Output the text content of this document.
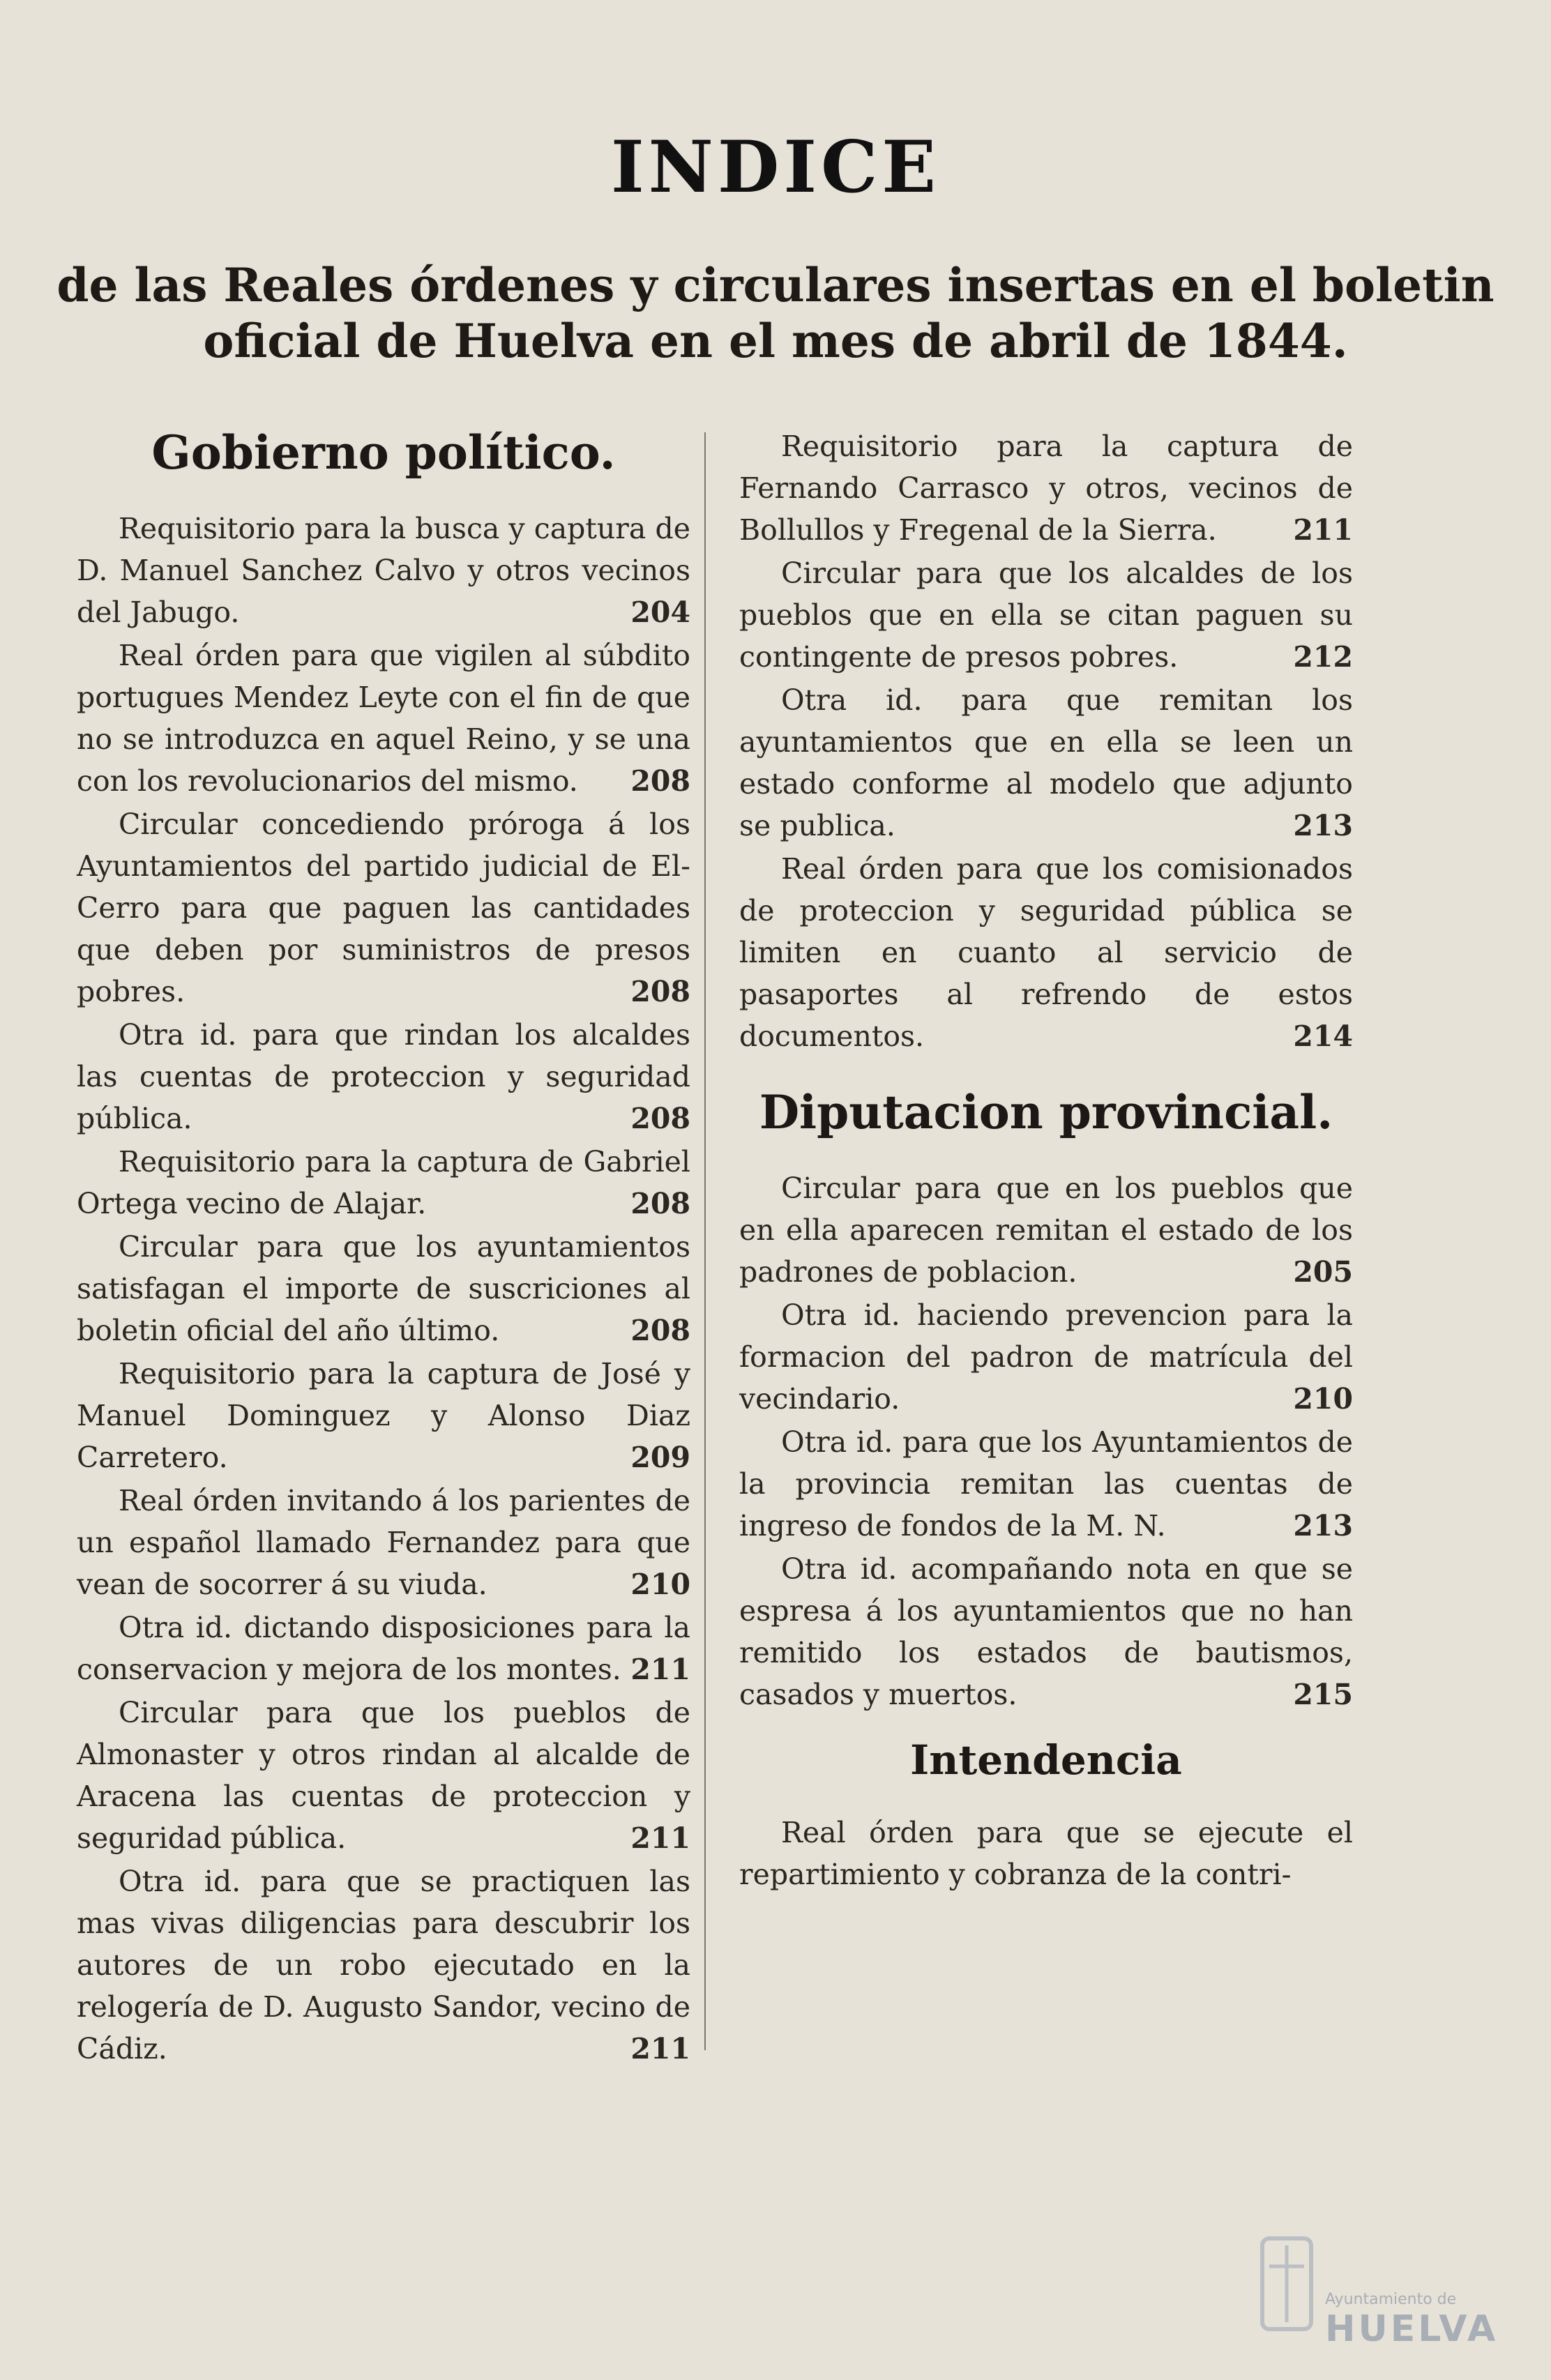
INDICE
de las Reales órdenes y circulares insertas en el boletin
oficial de Huelva en el mes de abril de 1844.
Gobierno político.
Requisitorio para la busca y captura de D. Manuel Sanchez Calvo y otros vecinos del Jabugo.	204
Real órden para que vigilen al súbdito portugues Mendez Leyte con el fin de que no se introduzca en aquel Reino, y se una con los revolucionarios del mismo. 208
Circular concediendo próroga á los Ayuntamientos del partido judicial de El-Cerro para que paguen las cantidades que deben por suministros de presos pobres.	208
Otra id. para que rindan los alcaldes las cuentas de proteccion y seguridad pública.	208
Requisitorio para la captura de Gabriel Ortega vecino de Alajar.	208
Circular para que los ayuntamientos satisfagan el importe de suscriciones al boletin oficial del año último.	208
Requisitorio para la captura de José y Manuel Dominguez y Alonso Diaz Carretero.	209
Real órden invitando á los parientes de un español llamado Fernandez para que vean de socorrer á su viuda.	210
Otra id. dictando disposiciones para la conservacion y mejora de los montes. 211
Circular para que los pueblos de Almonaster y otros rindan al alcalde de Aracena las cuentas de proteccion y seguridad pública.	211
Otra id. para que se practiquen las mas vivas diligencias para descubrir los autores de un robo ejecutado en la relogería de D. Augusto Sandor, vecino de Cádiz.	211
Requisitorio para la captura de Fernando Carrasco y otros, vecinos de Bollullos y Fregenal de la Sierra.	211
Circular para que los alcaldes de los pueblos que en ella se citan paguen su contingente de presos pobres.	212
Otra id. para que remitan los ayuntamientos que en ella se leen un estado conforme al modelo que adjunto se publica.	213
Real órden para que los comisionados de proteccion y seguridad pública se limiten en cuanto al servicio de pasaportes al refrendo de estos documentos.	214
Diputacion provincial.
Circular para que en los pueblos que en ella aparecen remitan el estado de los padrones de poblacion.	205
Otra id. haciendo prevencion para la formacion del padron de matrícula del vecindario.	210
Otra id. para que los Ayuntamientos de la provincia remitan las cuentas de ingreso de fondos de la M. N.	213
Otra id. acompañando nota en que se espresa á los ayuntamientos que no han remitido los estados de bautismos, casados y muertos.	215
Intendencia
Real órden para que se ejecute el repartimiento y cobranza de la contri-
Ayuntamiento de
HUELVA
